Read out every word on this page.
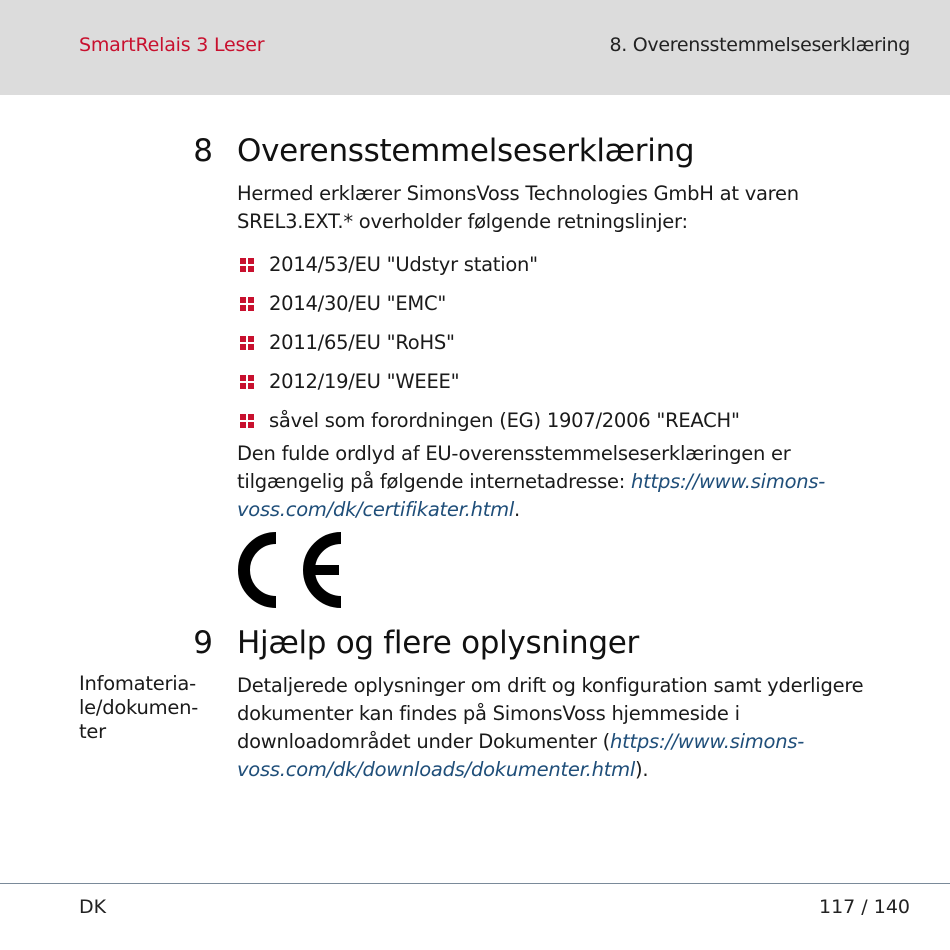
SmartRelais 3 Leser	8. Overensstemmelseserklæring
8 Overensstemmelseserklæring
Hermed erklærer SimonsVoss Technologies GmbH at varen SREL3.EXT.* overholder følgende retningslinjer:
2014/53/EU "Udstyr station"
2014/30/EU "EMC"
2011/65/EU "RoHS"
2012/19/EU "WEEE"
såvel som forordningen (EG) 1907/2006 "REACH"
Den fulde ordlyd af EU-overensstemmelseserklæringen er tilgængelig på følgende internetadresse: https://www.simons-voss.com/dk/certifikater.html.
9 Hjælp og flere oplysninger
Infomateriale/dokumenter
Detaljerede oplysninger om drift og konfiguration samt yderligere dokumenter kan findes på SimonsVoss hjemmeside i downloadområdet under Dokumenter (https://www.simons-voss.com/dk/downloads/dokumenter.html).
DK	117 / 140
